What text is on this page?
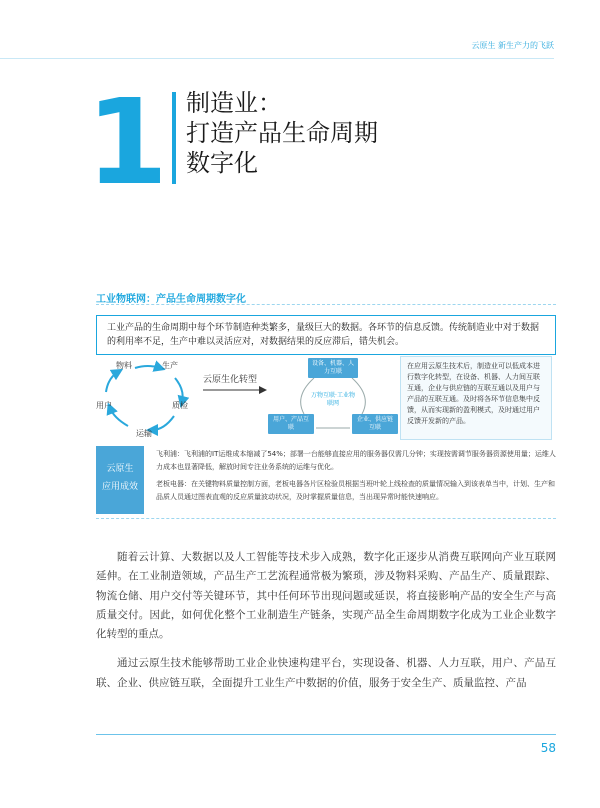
云原生 新生产力的飞跃
1 制造业：
打造产品生命周期
数字化
工业物联网：产品生命周期数字化
工业产品的生命周期中每个环节制造种类繁多，量级巨大的数据。各环节的信息反馈。传统制造业中对于数据的利用率不足，生产中难以灵活应对，对数据结果的反应滞后，错失机会。
物料	生产
质检
运输
用户
云原生化转型
设备、机器、人力互联
万物互联·工业物联网
用户、产品互联
企业、供应链互联
在应用云原生技术后，制造业可以低成本进行数字化转型，在设备、机器、人力间互联互通，企业与供应链的互联互通以及用户与产品的互联互通。及时将各环节信息集中反馈，从而实现新的盈利模式，及时通过用户反馈开发新的产品。
云原生
应用成效

飞利浦：飞利浦的IT运维成本缩减了54%；部署一台能够直接应用的服务器仅需几分钟；实现按需调节服务器资源使用量；运维人力成本也显著降低，解放时间专注业务系统的运维与优化。

老板电器：在关键物料质量控制方面，老板电器各片区检验员根据当班叶轮上线检查的质量情况输入到该表单当中，计划、生产和品质人员通过图表直观的反应质量波动状况，及时掌握质量信息，当出现异常时能快速响应。

随着云计算、大数据以及人工智能等技术步入成熟，数字化正逐步从消费互联网向产业互联网延伸。在工业制造领域，产品生产工艺流程通常极为繁琐，涉及物料采购、产品生产、质量跟踪、物流仓储、用户交付等关键环节，其中任何环节出现问题或延误，将直接影响产品的安全生产与高质量交付。因此，如何优化整个工业制造生产链条，实现产品全生命周期数字化成为工业企业数字化转型的重点。

通过云原生技术能够帮助工业企业快速构建平台，实现设备、机器、人力互联，用户、产品互联、企业、供应链互联，全面提升工业生产中数据的价值，服务于安全生产、质量监控、产品

58
